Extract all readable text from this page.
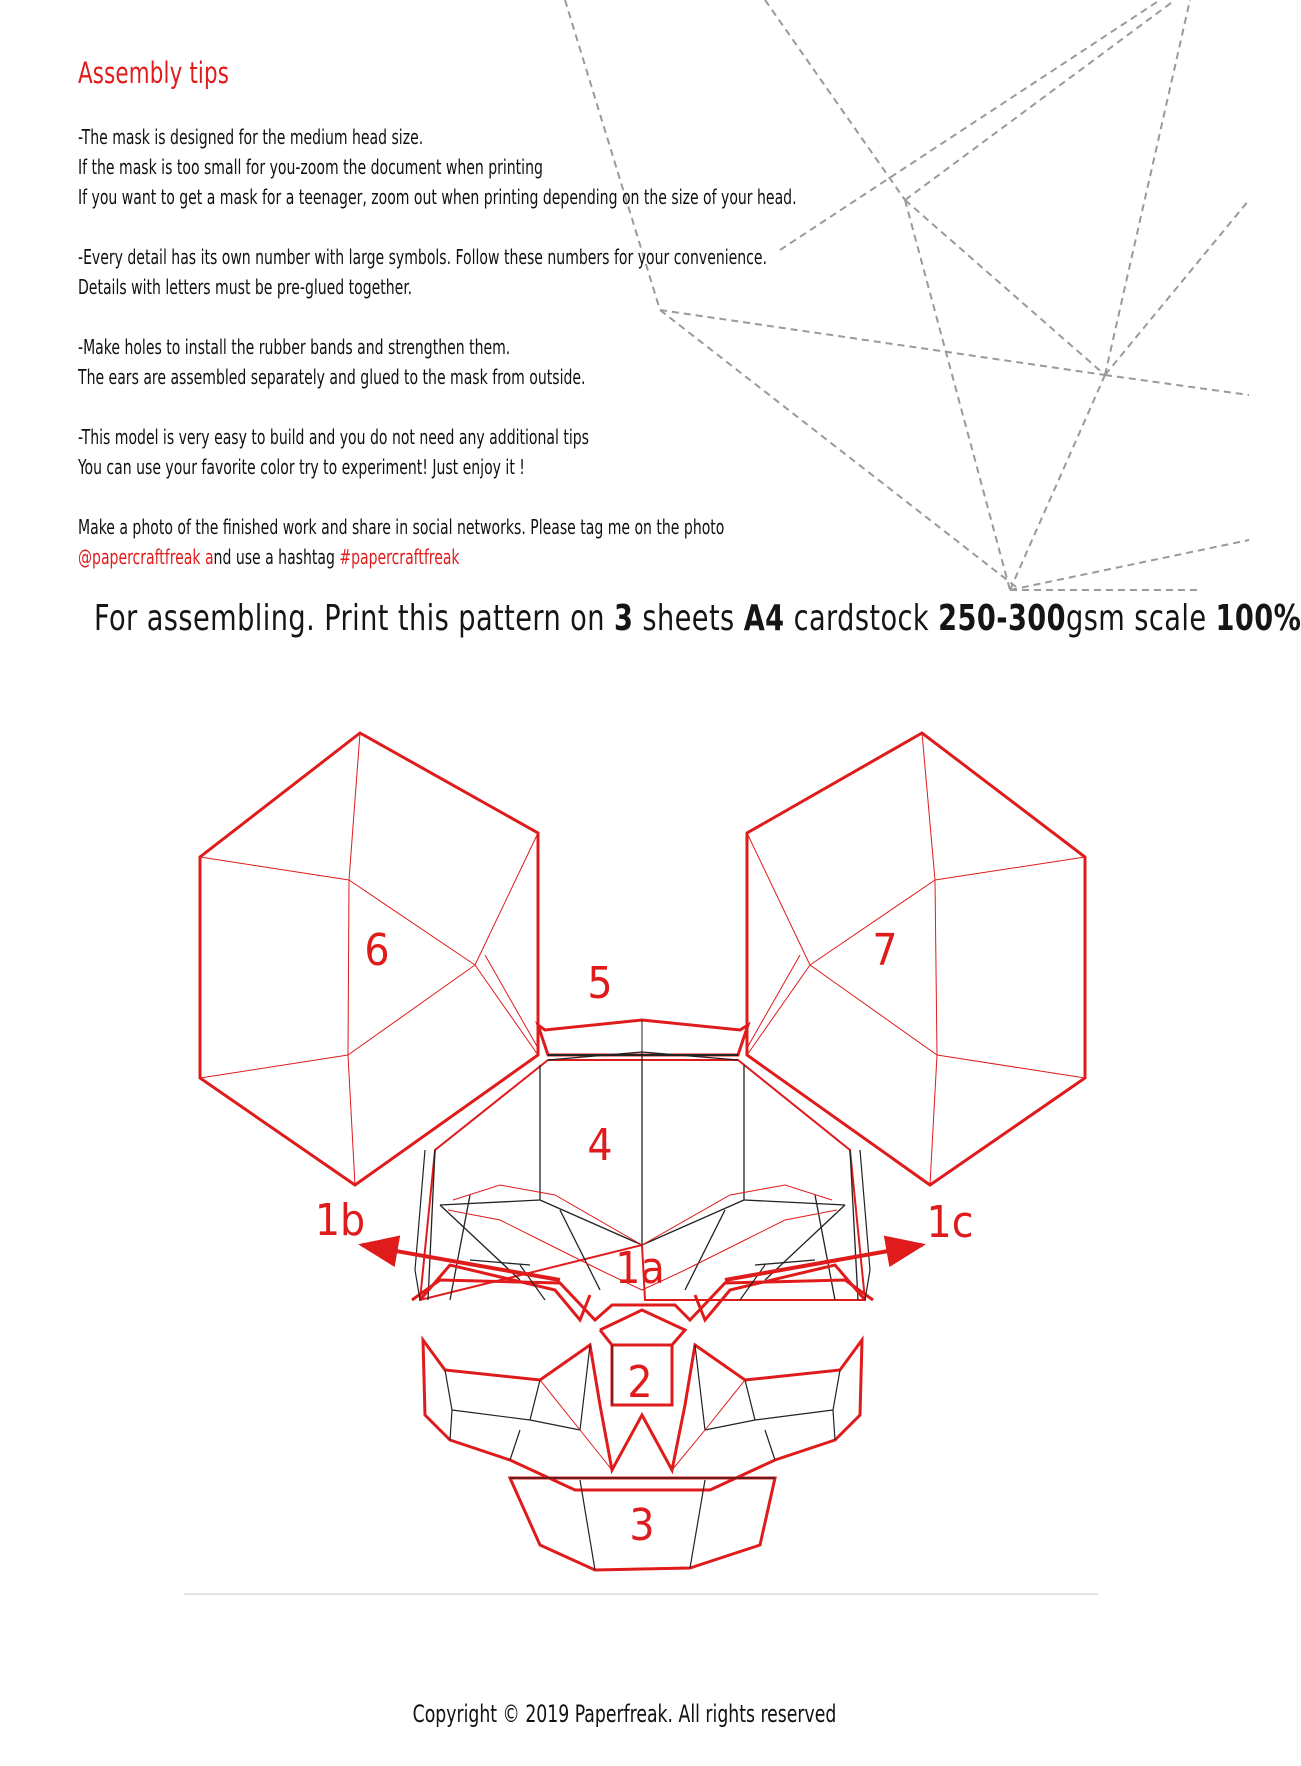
Assembly tips
-The mask is designed for the medium head size.
If the mask is too small for you-zoom the document when printing
If you want to get a mask for a teenager, zoom out when printing depending on the size of your head.
-Every detail has its own number with large symbols. Follow these numbers for your convenience.
Details with letters must be pre-glued together.
-Make holes to install the rubber bands and strengthen them.
The ears are assembled separately and glued to the mask from outside.
-This model is very easy to build and you do not need any additional tips
You can use your favorite color try to experiment! Just enjoy it !
Make a photo of the finished work and share in social networks. Please tag me on the photo
@papercraftfreak and use a hashtag #papercraftfreak
For assembling. Print this pattern on 3 sheets A4 cardstock 250-300gsm scale 100%
6	7
5
4
1b	1c
1a
2
3
Copyright © 2019 Paperfreak. All rights reserved
